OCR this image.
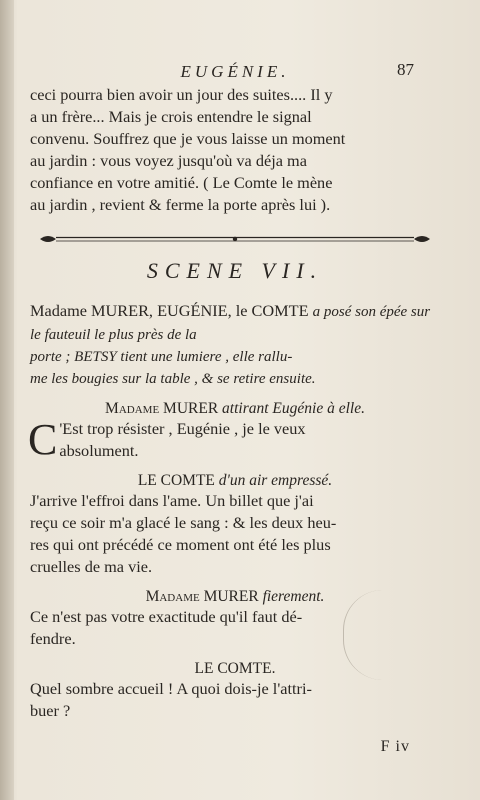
EUGÉNIE.	87

ceci pourra bien avoir un jour des suites.... Il y

a un frère... Mais je crois entendre le signal

convenu. Souffrez que je vous laisse un moment

au jardin : vous voyez jusqu'où va déja ma

confiance en votre amitié. ( Le Comte le mène

au jardin , revient & ferme la porte après lui ).

SCENE VII.

Madame MURER, EUGÉNIE, le COMTE a posé son épée sur le fauteuil le plus près de la

porte ; BETSY tient une lumiere , elle rallu-

me les bougies sur la table , & se retire ensuite.

Madame MURER attirant Eugénie à elle.
C 'Est trop résister , Eugénie , je le veux

absolument.

LE COMTE d'un air empressé.

J'arrive l'effroi dans l'ame. Un billet que j'ai

reçu ce soir m'a glacé le sang : & les deux heu-

res qui ont précédé ce moment ont été les plus

cruelles de ma vie.

Madame MURER fierement.

Ce n'est pas votre exactitude qu'il faut dé-

fendre.

LE COMTE.

Quel sombre accueil ! A quoi dois-je l'attri-

buer ?

F iv
